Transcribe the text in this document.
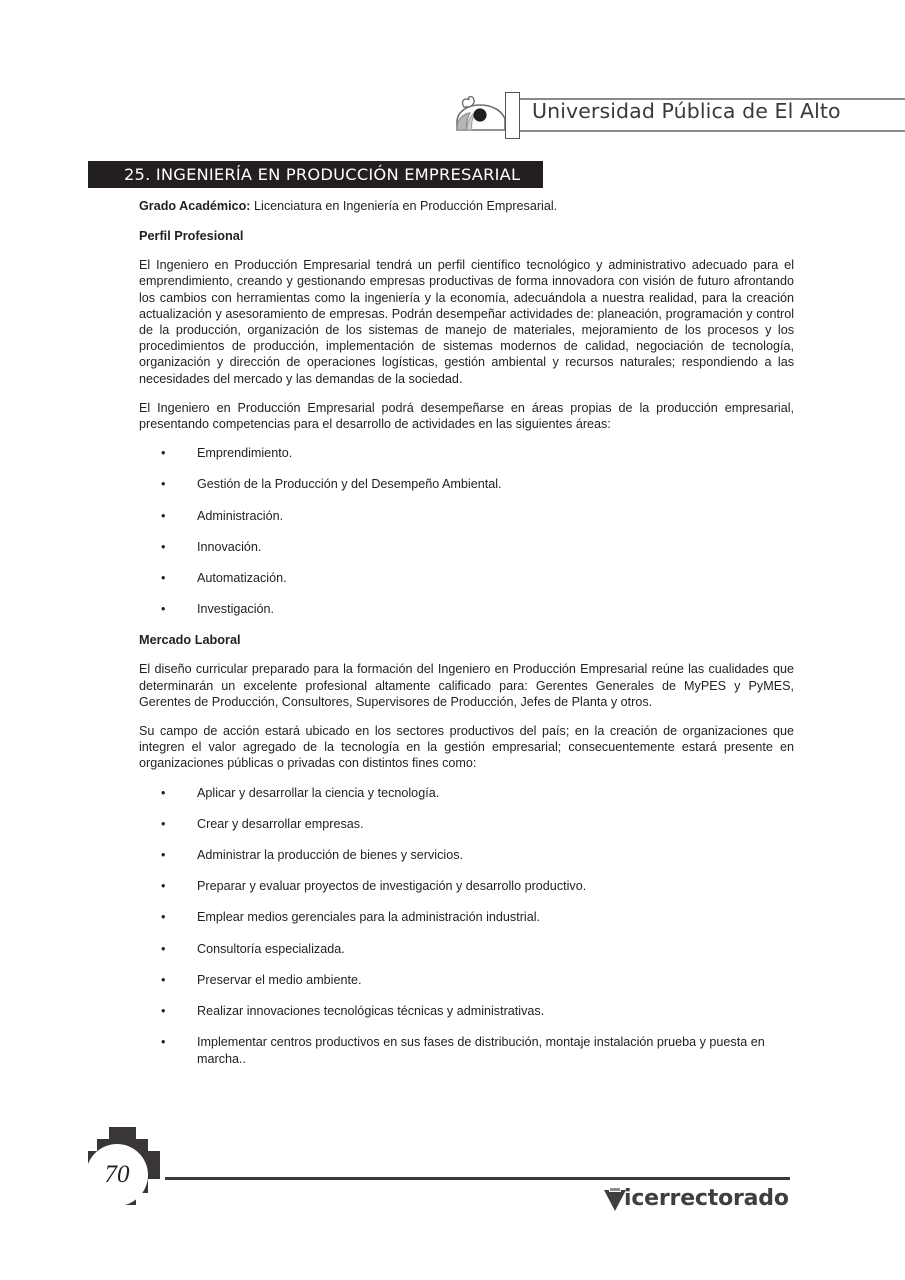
Universidad Pública de El Alto
25. INGENIERÍA EN PRODUCCIÓN EMPRESARIAL

Grado Académico: Licenciatura en Ingeniería en Producción Empresarial.

Perfil Profesional

El Ingeniero en Producción Empresarial tendrá un perfil científico tecnológico y administrativo adecuado para el emprendimiento, creando y gestionando empresas productivas de forma innovadora con visión de futuro afrontando los cambios con herramientas como la ingeniería y la economía, adecuándola a nuestra realidad, para la creación actualización y asesoramiento de empresas. Podrán desempeñar actividades de: planeación, programación y control de la producción, organización de los sistemas de manejo de materiales, mejoramiento de los procesos y los procedimientos de producción, implementación de sistemas modernos de calidad, negociación de tecnología, organización y dirección de operaciones logísticas, gestión ambiental y recursos naturales; respondiendo a las necesidades del mercado y las demandas de la sociedad.

El Ingeniero en Producción Empresarial podrá desempeñarse en áreas propias de la producción empresarial, presentando competencias para el desarrollo de actividades en las siguientes áreas:

•	Emprendimiento.
•	Gestión de la Producción y del Desempeño Ambiental.
•	Administración.
•	Innovación.
•	Automatización.
•	Investigación.
Mercado Laboral

El diseño curricular preparado para la formación del Ingeniero en Producción Empresarial reúne las cualidades que determinarán un excelente profesional altamente calificado para: Gerentes Generales de MyPES y PyMES, Gerentes de Producción, Consultores, Supervisores de Producción, Jefes de Planta y otros.

Su campo de acción estará ubicado en los sectores productivos del país; en la creación de organizaciones que integren el valor agregado de la tecnología en la gestión empresarial; consecuentemente estará presente en organizaciones públicas o privadas con distintos fines como:

•	Aplicar y desarrollar la ciencia y tecnología.
•	Crear y desarrollar empresas.
•	Administrar la producción de bienes y servicios.
•	Preparar y evaluar proyectos de investigación y desarrollo productivo.
•	Emplear medios gerenciales para la administración industrial.
•	Consultoría especializada.
•	Preservar el medio ambiente.
•	Realizar innovaciones tecnológicas técnicas y administrativas.
•	Implementar centros productivos en sus fases de distribución, montaje instalación prueba y puesta en marcha..
70
icerrectorado
